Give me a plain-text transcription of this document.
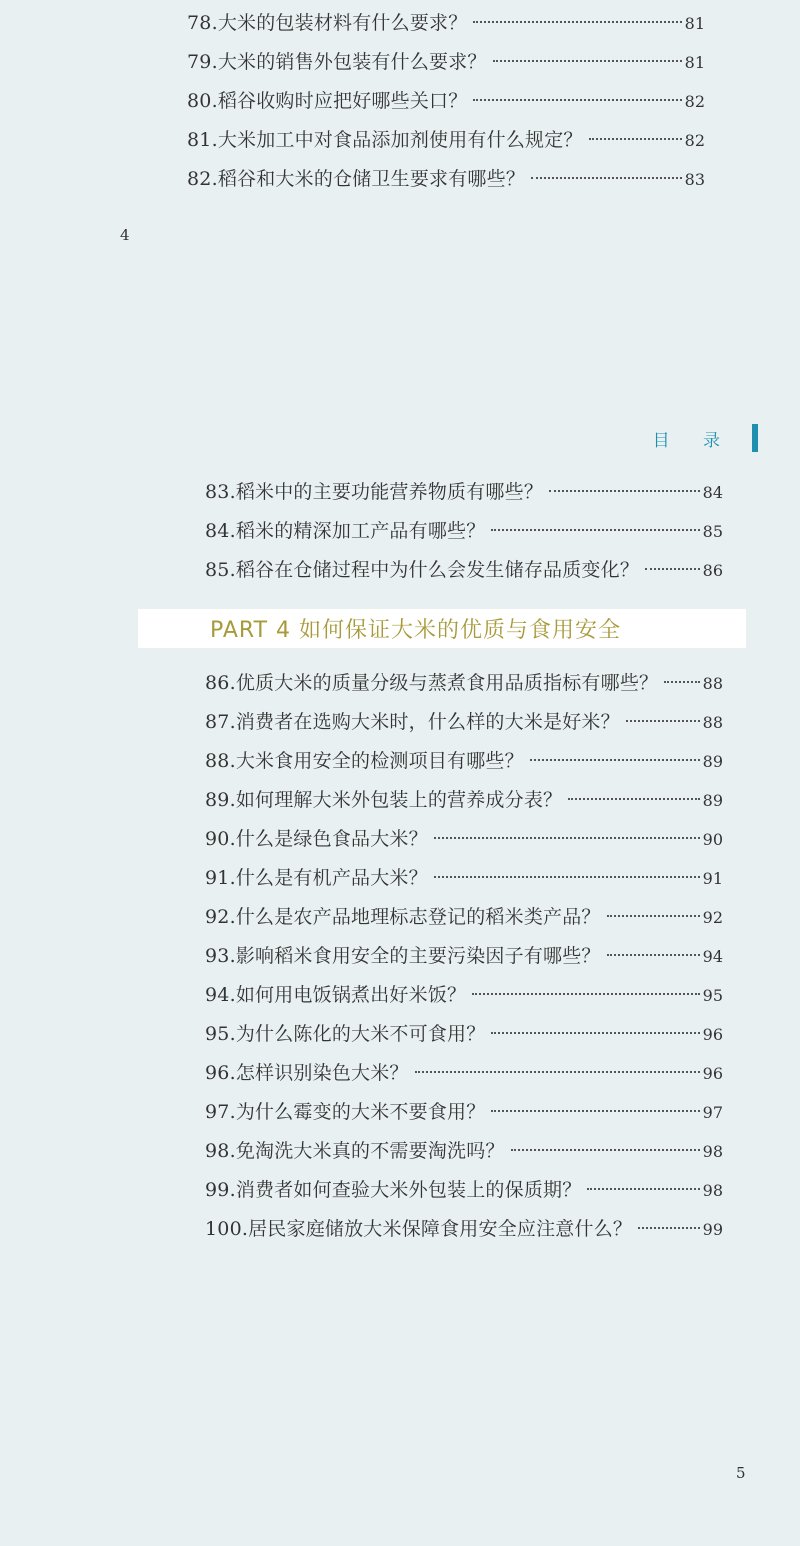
78.大米的包装材料有什么要求？	81
79.大米的销售外包装有什么要求？	81
80.稻谷收购时应把好哪些关口？	82
81.大米加工中对食品添加剂使用有什么规定？	82
82.稻谷和大米的仓储卫生要求有哪些？	83
4
目 录
83.稻米中的主要功能营养物质有哪些？	84
84.稻米的精深加工产品有哪些？	85
85.稻谷在仓储过程中为什么会发生储存品质变化？	86
PART 4 如何保证大米的优质与食用安全
86.优质大米的质量分级与蒸煮食用品质指标有哪些？	88
87.消费者在选购大米时，什么样的大米是好米？	88
88.大米食用安全的检测项目有哪些？	89
89.如何理解大米外包装上的营养成分表？	89
90.什么是绿色食品大米？	90
91.什么是有机产品大米？	91
92.什么是农产品地理标志登记的稻米类产品？	92
93.影响稻米食用安全的主要污染因子有哪些？	94
94.如何用电饭锅煮出好米饭？	95
95.为什么陈化的大米不可食用？	96
96.怎样识别染色大米？	96
97.为什么霉变的大米不要食用？	97
98.免淘洗大米真的不需要淘洗吗？	98
99.消费者如何查验大米外包装上的保质期？	98
100.居民家庭储放大米保障食用安全应注意什么？	99
5
